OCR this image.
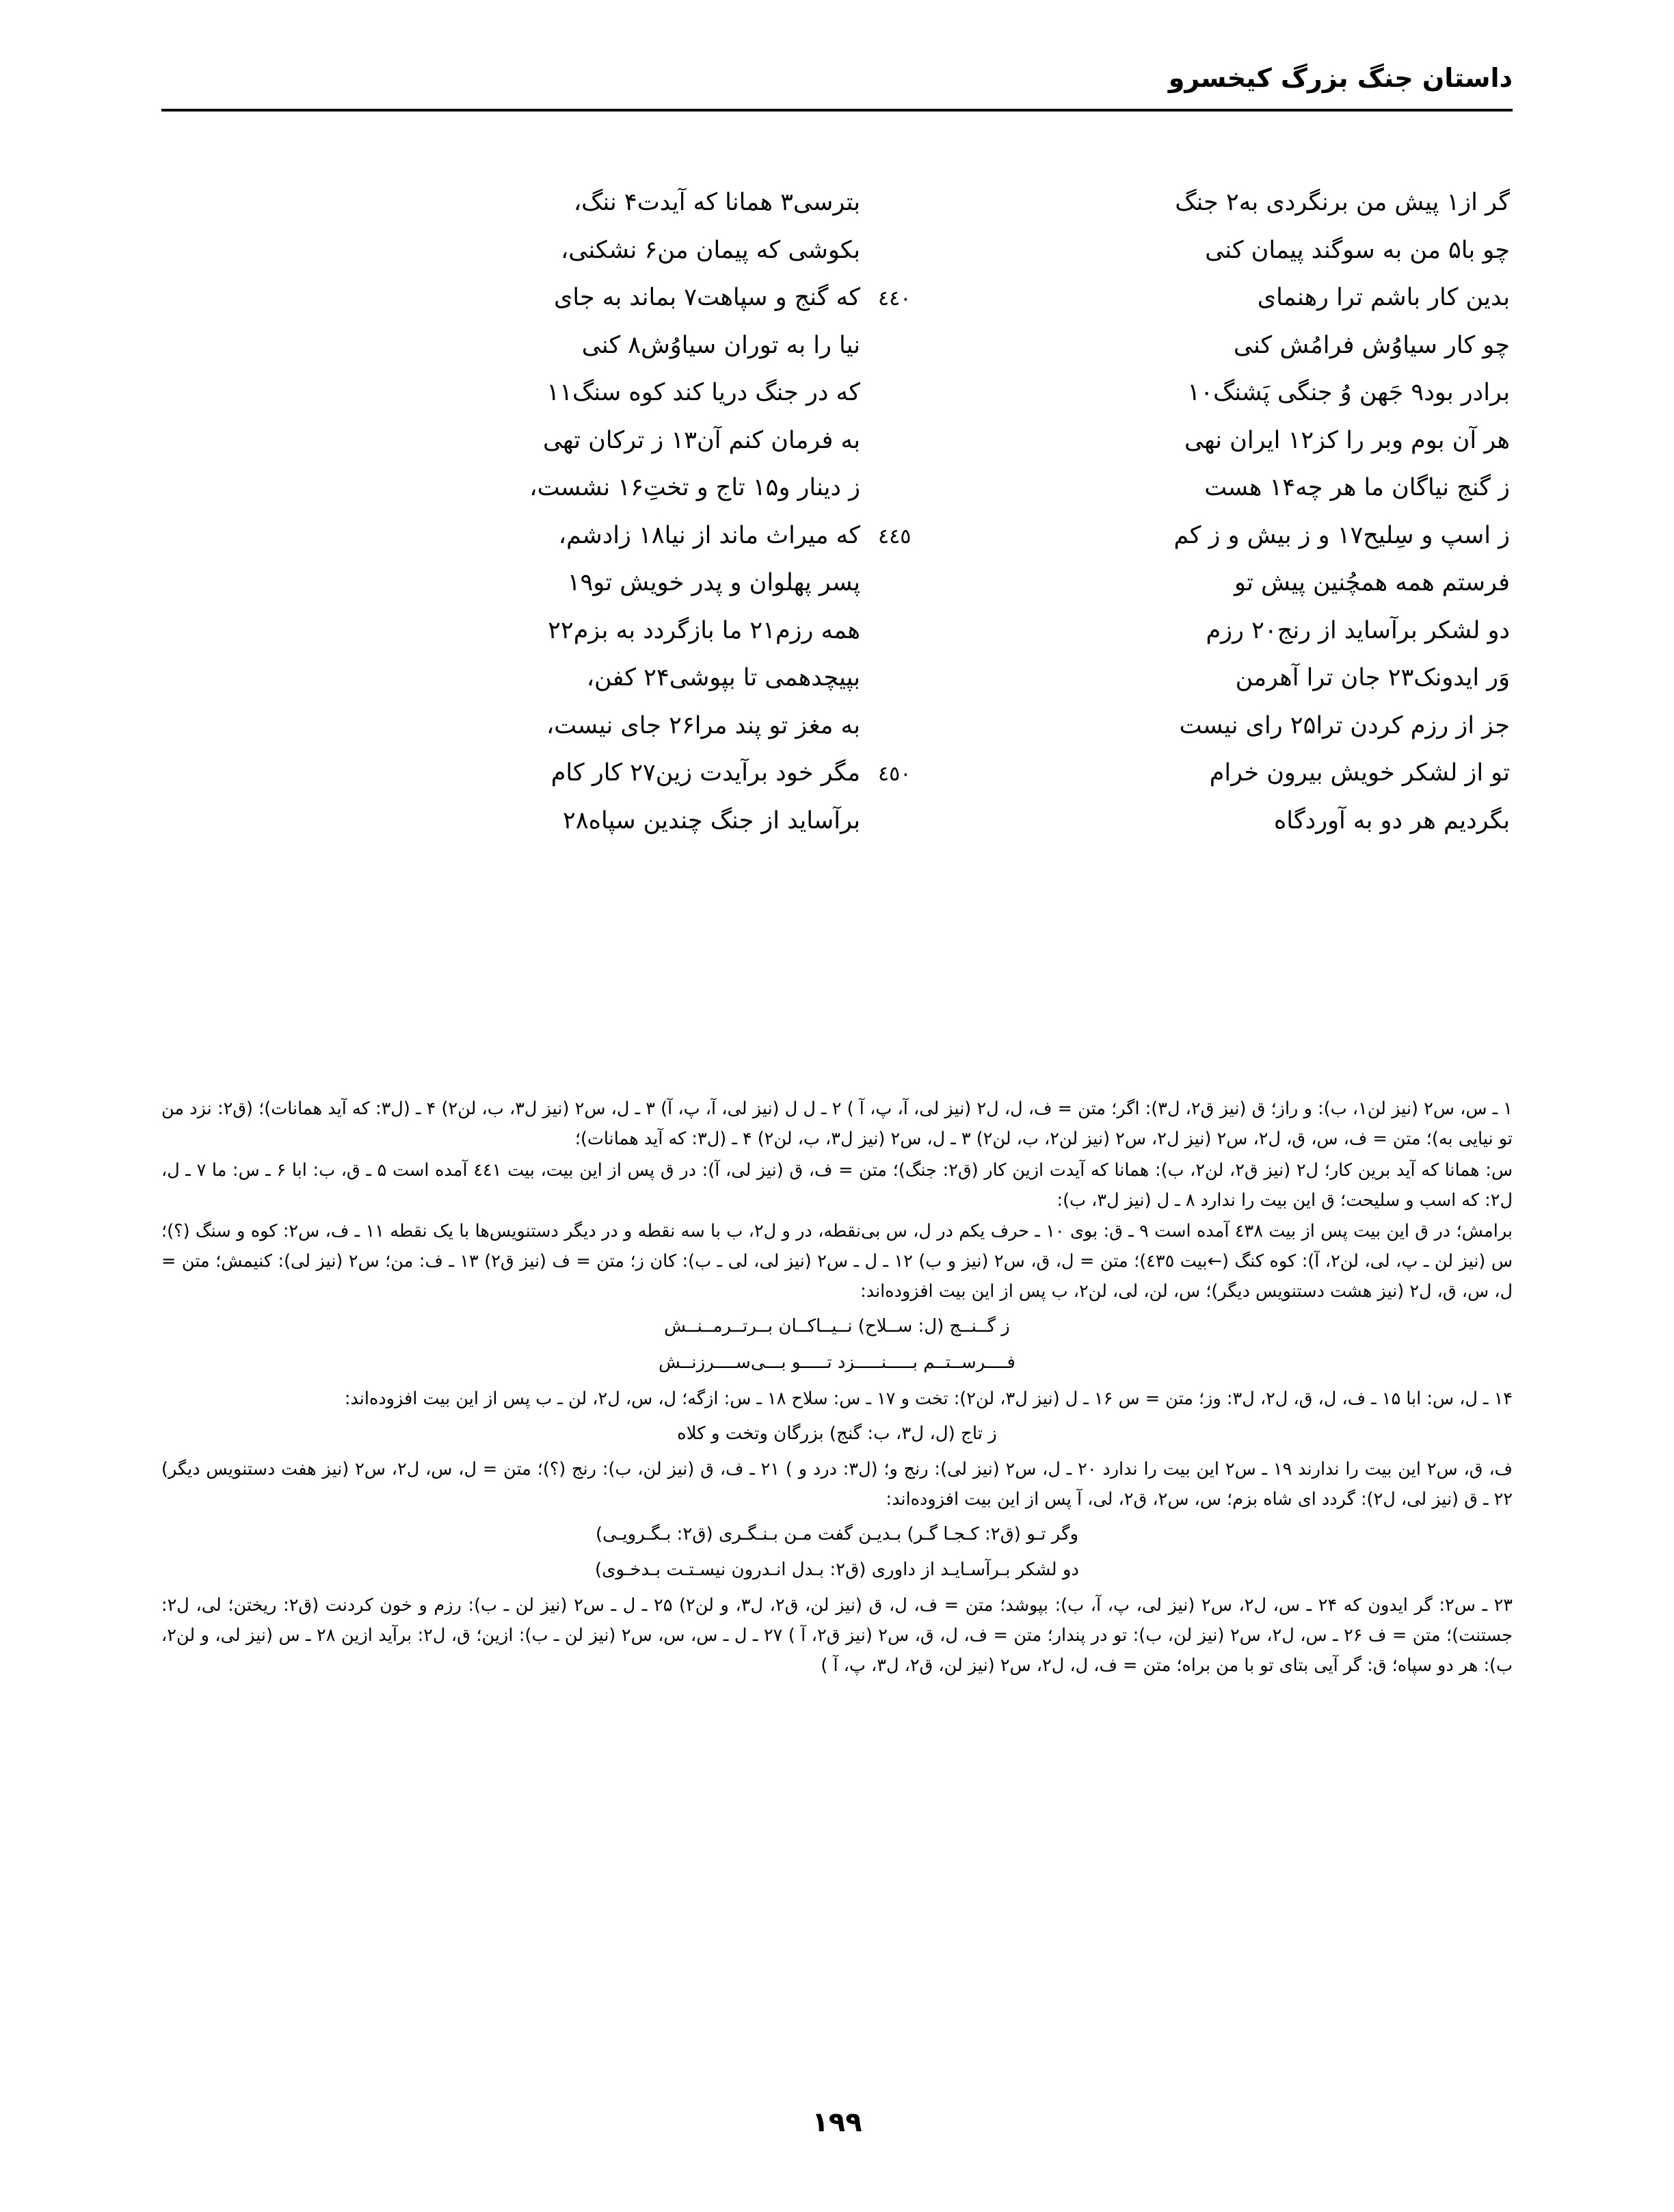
داستان جنگ بزرگ کیخسرو
گر از۱ پیش من برنگردی به۲ جنگ
بترسی۳ همانا که آیدت۴ ننگ،
چو با۵ من به سوگند پیمان کنی
بکوشی که پیمان من۶ نشکنی،
بدین کار باشم ترا رهنمای
٤٤٠
که گنج و سپاهت۷ بماند به جای
چو کار سیاوُش فرامُش کنی
نیا را به توران سیاوُش۸ کنی
برادر بود۹ جَهن وُ جنگی پَشنگ۱۰
که در جنگ دریا کند کوه سنگ۱۱
هر آن بوم وبر را کز۱۲ ایران نهی
به فرمان کنم آن۱۳ ز ترکان تهی
ز گنج نیاگان ما هر چه۱۴ هست
ز دینار و۱۵ تاج و تختِ۱۶ نشست،
ز اسپ و سِلیح۱۷ و ز بیش و ز کم
٤٤٥
که میراث ماند از نیا۱۸ زادشم،
فرستم همه همچُنین پیش تو
پسر پهلوان و پدر خویش تو۱۹
دو لشکر برآساید از رنج۲۰ رزم
همه رزم۲۱ ما بازگردد به بزم۲۲
وَر ایدونک۲۳ جان ترا آهرمن
بپیچدهمی تا بپوشی۲۴ کفن،
جز از رزم کردن ترا۲۵ رای نیست
به مغز تو پند مرا۲۶ جای نیست،
تو از لشکر خویش بیرون خرام
٤٥٠
مگر خود برآیدت زین۲۷ کار کام
بگردیم هر دو به آوردگاه
برآساید از جنگ چندین سپاه۲۸

۱ ـ س، س۲ (نیز لن۱، ب): و راز؛ ق (نیز ق۲، ل۳): اگر؛ متن = ف، ل، ل۲ (نیز لی، آ، پ، آ ) ۲ ـ ل ل (نیز لی، آ، پ، آ) ۳ ـ ل، س۲ (نیز ل۳، ب، لن۲) ۴ ـ (ل۳: که آید همانات)؛ (ق۲: نزد من تو نیایی به)؛ متن = ف، س، ق، ل۲، س۲ (نیز ل۲، س۲ (نیز لن۲، ب، لن۲) ۳ ـ ل، س۲ (نیز ل۳، ب، لن۲) ۴ ـ (ل۳: که آید همانات)؛

س: همانا که آید برین کار؛ ل۲ (نیز ق۲، لن۲، ب): همانا که آیدت ازین کار (ق۲: جنگ)؛ متن = ف، ق (نیز لی، آ): در ق پس از این بیت، بیت ٤٤١ آمده است ۵ ـ ق، ب: ابا ۶ ـ س: ما ۷ ـ ل، ل۲: که اسب و سلیحت؛ ق این بیت را ندارد ۸ ـ ل (نیز ل۳، ب):

برامش؛ در ق این بیت پس از بیت ٤٣٨ آمده است ۹ ـ ق: بوی ۱۰ ـ حرف یکم در ل، س بی‌نقطه، در و ل۲، ب با سه نقطه و در دیگر دستنویس‌ها با یک نقطه ۱۱ ـ ف، س۲: کوه و سنگ (؟)؛ س (نیز لن ـ پ، لی، لن۲، آ): کوه کنگ (←بیت ٤٣٥)؛ متن = ل، ق، س۲ (نیز و ب) ۱۲ ـ ل ـ س۲ (نیز لی، لی ـ ب): کان ز؛ متن = ف (نیز ق۲) ۱۳ ـ ف: من؛ س۲ (نیز لی): کنیمش؛ متن = ل، س، ق، ل۲ (نیز هشت دستنویس دیگر)؛ س، لن، لی، لن۲، ب پس از این بیت افزوده‌اند:

ز گــنــج (ل: ســلاح) نــیــاکــان بــرتــرمــنــش
فــــرســتــم بـــــنـــــزد تـــــو بـــی‌ســــرزنــش

۱۴ ـ ل، س: ابا ۱۵ ـ ف، ل، ق، ل۲، ل۳: وز؛ متن = س ۱۶ ـ ل (نیز ل۳، لن۲): تخت و ۱۷ ـ س: سلاح ۱۸ ـ س: ازگه؛ ل، س، ل۲، لن ـ ب پس از این بیت افزوده‌اند:

ز تاج (ل، ل۳، ب: گنج) بزرگان وتخت و کلاه

ف، ق، س۲ این بیت را ندارند ۱۹ ـ س۲ این بیت را ندارد ۲۰ ـ ل، س۲ (نیز لی): رنج و؛ (ل۳: درد و ) ۲۱ ـ ف، ق (نیز لن، ب): رنج (؟)؛ متن = ل، س، ل۲، س۲ (نیز هفت دستنویس دیگر) ۲۲ ـ ق (نیز لی، ل۲): گردد ای شاه بزم؛ س، س۲، ق۲، لی، آ پس از این بیت افزوده‌اند:

وگر تـو (ق۲: کـجـا گـر) بـدیـن گفت مـن بـنـگـری (ق۲: بـگـرویـی)
دو لشکر بـرآسـایـد از داوری (ق۲: بـدل انـدرون نیسـتـت بـدخـوی)

۲۳ ـ س۲: گر ایدون که ۲۴ ـ س، ل۲، س۲ (نیز لی، پ، آ، ب): بپوشد؛ متن = ف، ل، ق (نیز لن، ق۲، ل۳، و لن۲) ۲۵ ـ ل ـ س۲ (نیز لن ـ ب): رزم و خون کردنت (ق۲: ریختن؛ لی، ل۲: جستنت)؛ متن = ف ۲۶ ـ س، ل۲، س۲ (نیز لن، ب): تو در پندار؛ متن = ف، ل، ق، س۲ (نیز ق۲، آ ) ۲۷ ـ ل ـ س، س، س۲ (نیز لن ـ ب): ازین؛ ق، ل۲: برآید ازین ۲۸ ـ س (نیز لی، و لن۲، ب): هر دو سپاه؛ ق: گر آیی بتای تو با من براه؛ متن = ف، ل، ل۲، س۲ (نیز لن، ق۲، ل۳، پ، آ )

۱۹۹
